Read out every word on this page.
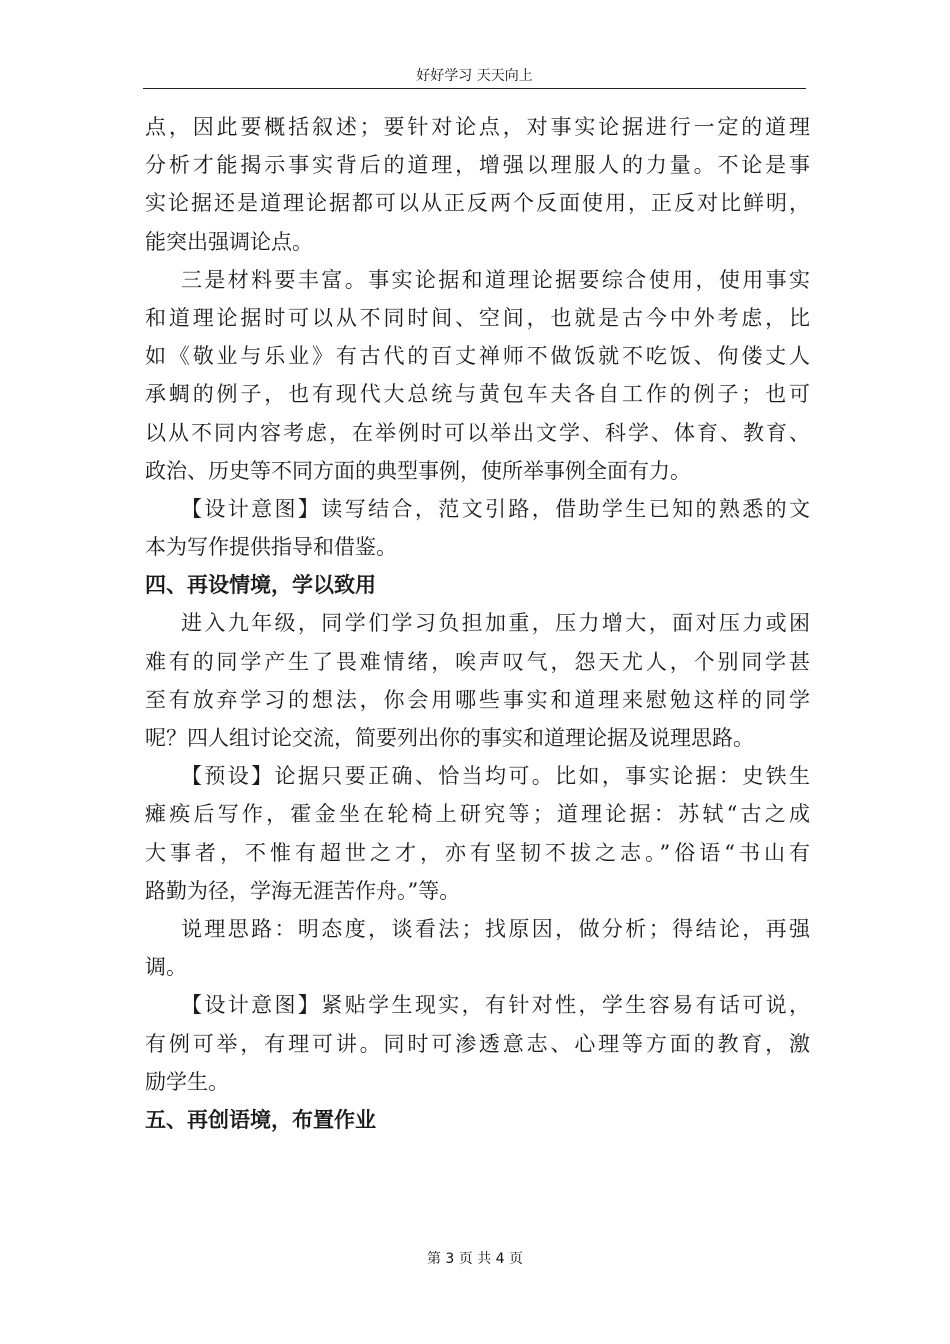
好好学习 天天向上
点，因此要概括叙述；要针对论点，对事实论据进行一定的道理
分析才能揭示事实背后的道理，增强以理服人的力量。不论是事
实论据还是道理论据都可以从正反两个反面使用，正反对比鲜明，
能突出强调论点。
三是材料要丰富。事实论据和道理论据要综合使用，使用事实
和道理论据时可以从不同时间、空间，也就是古今中外考虑，比
如《敬业与乐业》有古代的百丈禅师不做饭就不吃饭、佝偻丈人
承蜩的例子，也有现代大总统与黄包车夫各自工作的例子；也可
以从不同内容考虑，在举例时可以举出文学、科学、体育、教育、
政治、历史等不同方面的典型事例，使所举事例全面有力。
【设计意图】读写结合，范文引路，借助学生已知的熟悉的文
本为写作提供指导和借鉴。
四、再设情境，学以致用
进入九年级，同学们学习负担加重，压力增大，面对压力或困
难有的同学产生了畏难情绪，唉声叹气，怨天尤人，个别同学甚
至有放弃学习的想法，你会用哪些事实和道理来慰勉这样的同学
呢？四人组讨论交流，简要列出你的事实和道理论据及说理思路。
【预设】论据只要正确、恰当均可。比如，事实论据：史铁生
瘫痪后写作，霍金坐在轮椅上研究等；道理论据：苏轼“古之成
大事者，不惟有超世之才，亦有坚韧不拔之志。”俗语“书山有
路勤为径，学海无涯苦作舟。”等。
说理思路：明态度，谈看法；找原因，做分析；得结论，再强
调。
【设计意图】紧贴学生现实，有针对性，学生容易有话可说，
有例可举，有理可讲。同时可渗透意志、心理等方面的教育，激
励学生。
五、再创语境，布置作业
第 3 页 共 4 页
